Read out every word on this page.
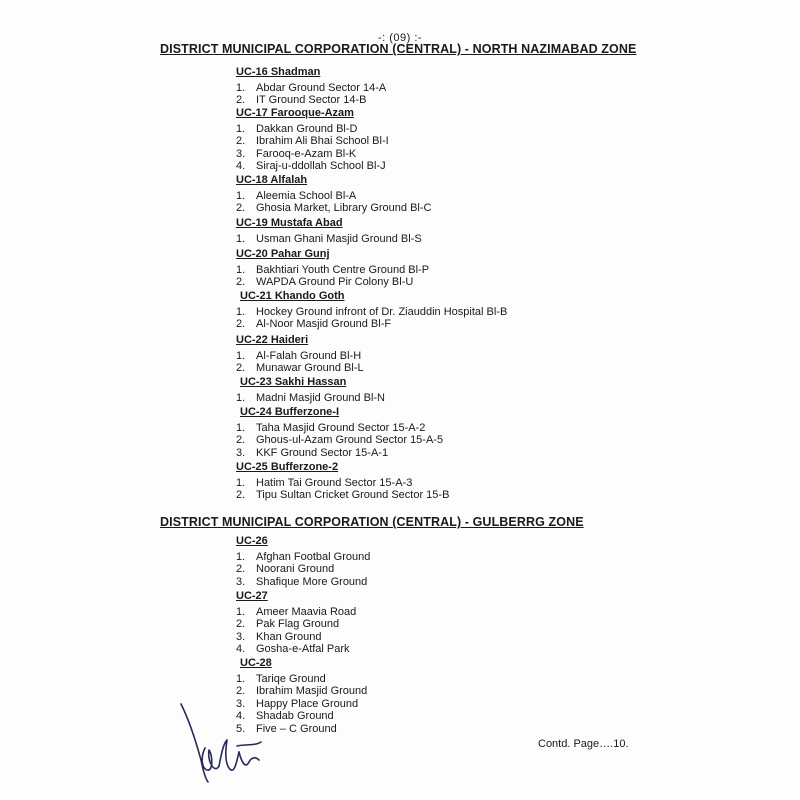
-: (09) :-
DISTRICT MUNICIPAL CORPORATION (CENTRAL) - NORTH NAZIMABAD ZONE
UC-16 Shadman
1. Abdar Ground Sector 14-A
2. IT Ground Sector 14-B
UC-17 Farooque-Azam
1. Dakkan Ground Bl-D
2. Ibrahim Ali Bhai School Bl-I
3. Farooq-e-Azam Bl-K
4. Siraj-u-ddollah School Bl-J
UC-18 Alfalah
1. Aleemia School Bl-A
2. Ghosia Market, Library Ground Bl-C
UC-19 Mustafa Abad
1. Usman Ghani Masjid Ground Bl-S
UC-20 Pahar Gunj
1. Bakhtiari Youth Centre Ground Bl-P
2. WAPDA Ground Pir Colony Bl-U
UC-21 Khando Goth
1. Hockey Ground infront of Dr. Ziauddin Hospital Bl-B
2. Al-Noor Masjid Ground Bl-F
UC-22 Haideri
1. Al-Falah Ground Bl-H
2. Munawar Ground Bl-L
UC-23 Sakhi Hassan
1. Madni Masjid Ground Bl-N
UC-24 Bufferzone-I
1. Taha Masjid Ground Sector 15-A-2
2. Ghous-ul-Azam Ground Sector 15-A-5
3. KKF Ground Sector 15-A-1
UC-25 Bufferzone-2
1. Hatim Tai Ground Sector 15-A-3
2. Tipu Sultan Cricket Ground Sector 15-B
DISTRICT MUNICIPAL CORPORATION (CENTRAL) - GULBERRG ZONE
UC-26
1. Afghan Footbal Ground
2. Noorani Ground
3. Shafique More Ground
UC-27
1. Ameer Maavia Road
2. Pak Flag Ground
3. Khan Ground
4. Gosha-e-Atfal Park
UC-28
1. Tariqe Ground
2. Ibrahim Masjid Ground
3. Happy Place Ground
4. Shadab Ground
5. Five – C Ground
Contd. Page….10.
